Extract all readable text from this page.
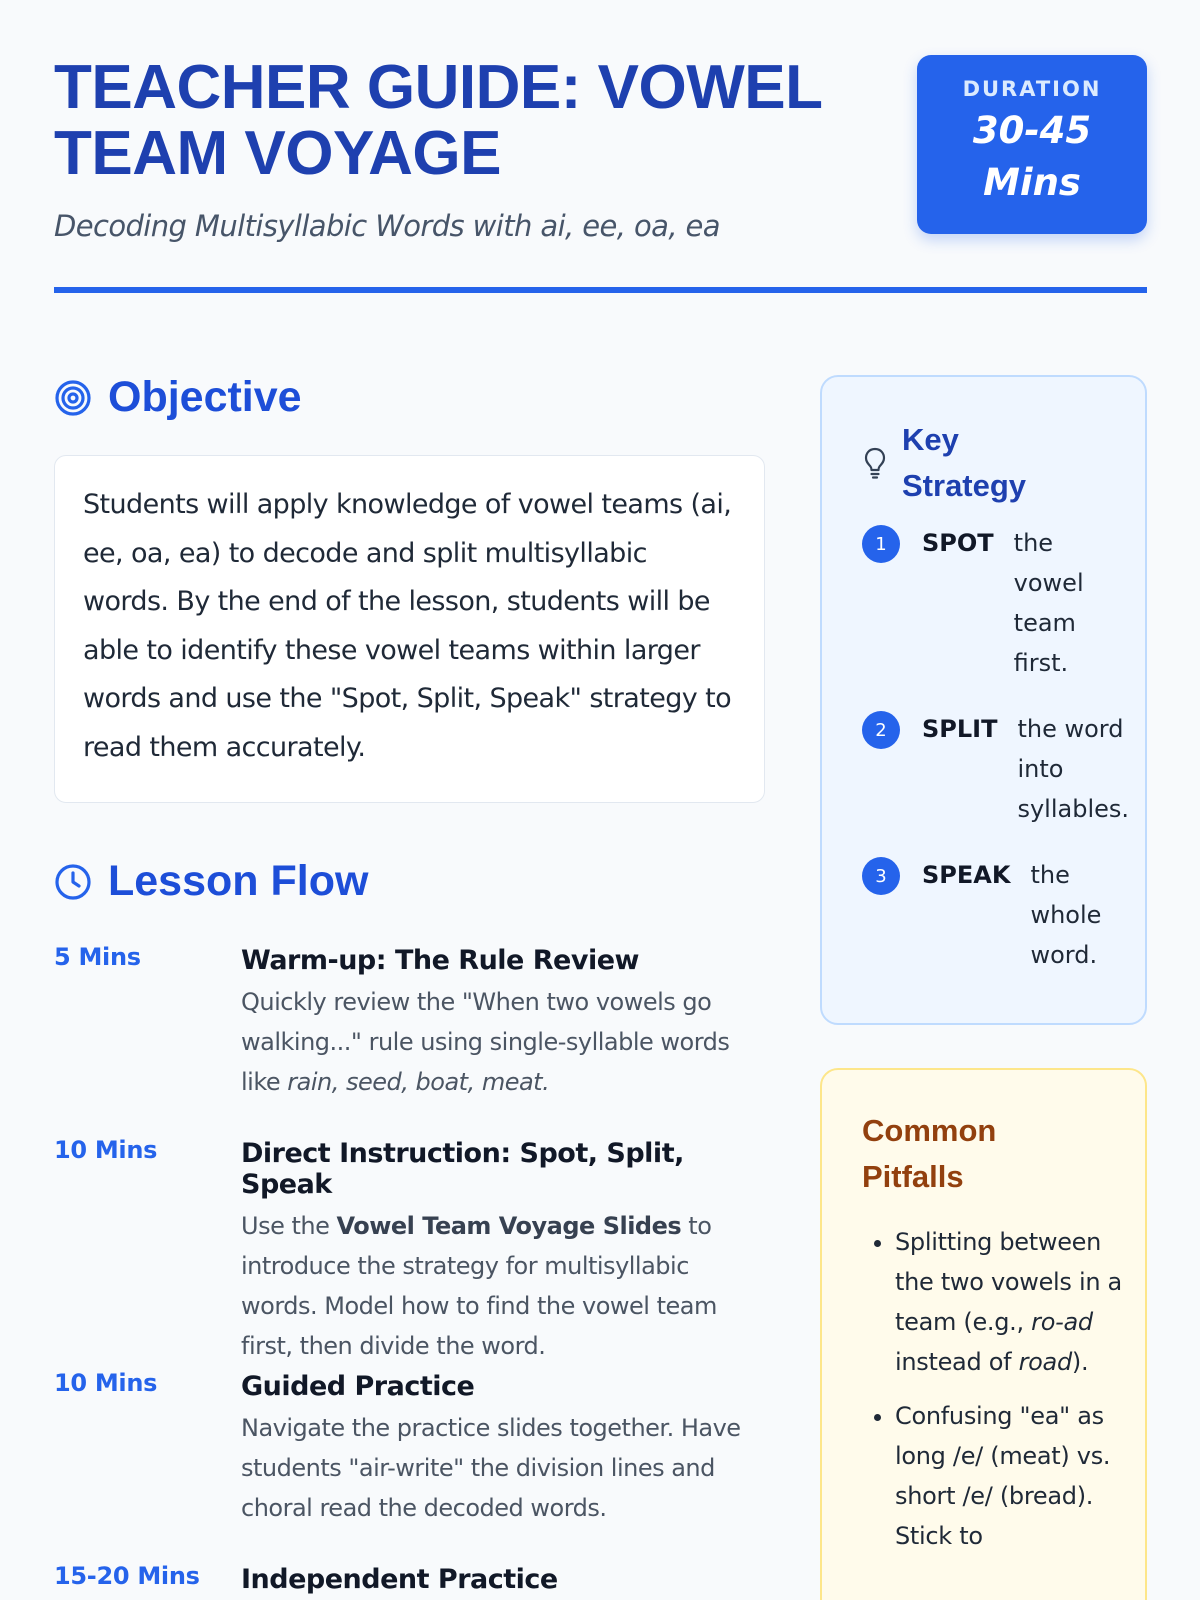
TEACHER GUIDE: VOWEL TEAM VOYAGE
Decoding Multisyllabic Words with ai, ee, oa, ea
DURATION
30-45 Mins
Objective

Students will apply knowledge of vowel teams (ai, ee, oa, ea) to decode and split multisyllabic words. By the end of the lesson, students will be able to identify these vowel teams within larger words and use the "Spot, Split, Speak" strategy to read them accurately.

Lesson Flow
5 Mins	Warm-up: The Rule Review
Quickly review the "When two vowels go walking..." rule using single-syllable words like rain, seed, boat, meat.
10 Mins	Direct Instruction: Spot, Split, Speak
Use the Vowel Team Voyage Slides to introduce the strategy for multisyllabic words. Model how to find the vowel team first, then divide the word.
10 Mins	Guided Practice
Navigate the practice slides together. Have students "air-write" the division lines and choral read the decoded words.
15-20 Mins Independent Practice
Key Strategy
1	SPOT the vowel team first.
2	SPLIT the word into syllables.
3	SPEAK the whole word.
Common Pitfalls
• Splitting between the two vowels in a team (e.g., ro-ad instead of road).
• Confusing "ea" as long /e/ (meat) vs. short /e/ (bread). Stick to
